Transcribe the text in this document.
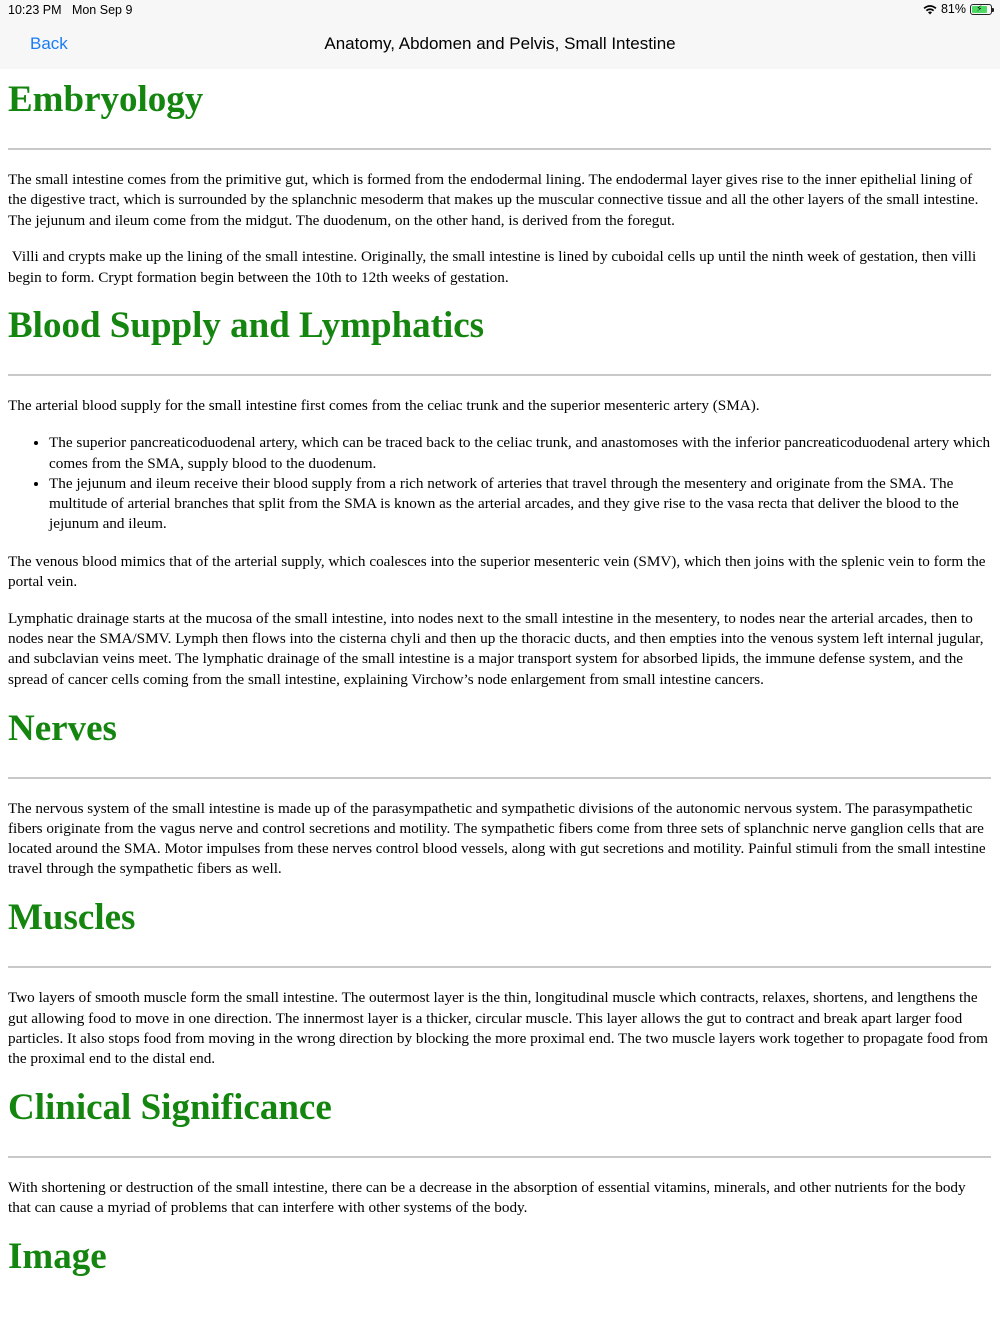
10:23 PM Mon Sep 9	81% ⚡
Back	Anatomy, Abdomen and Pelvis, Small Intestine
Embryology

The small intestine comes from the primitive gut, which is formed from the endodermal lining. The endodermal layer gives rise to the inner epithelial lining of the digestive tract, which is surrounded by the splanchnic mesoderm that makes up the muscular connective tissue and all the other layers of the small intestine. The jejunum and ileum come from the midgut. The duodenum, on the other hand, is derived from the foregut.

Villi and crypts make up the lining of the small intestine. Originally, the small intestine is lined by cuboidal cells up until the ninth week of gestation, then villi begin to form. Crypt formation begin between the 10th to 12th weeks of gestation.

Blood Supply and Lymphatics

The arterial blood supply for the small intestine first comes from the celiac trunk and the superior mesenteric artery (SMA).

• The superior pancreaticoduodenal artery, which can be traced back to the celiac trunk, and anastomoses with the inferior pancreaticoduodenal artery which comes from the SMA, supply blood to the duodenum.
• The jejunum and ileum receive their blood supply from a rich network of arteries that travel through the mesentery and originate from the SMA. The multitude of arterial branches that split from the SMA is known as the arterial arcades, and they give rise to the vasa recta that deliver the blood to the jejunum and ileum.

The venous blood mimics that of the arterial supply, which coalesces into the superior mesenteric vein (SMV), which then joins with the splenic vein to form the portal vein.

Lymphatic drainage starts at the mucosa of the small intestine, into nodes next to the small intestine in the mesentery, to nodes near the arterial arcades, then to nodes near the SMA/SMV. Lymph then flows into the cisterna chyli and then up the thoracic ducts, and then empties into the venous system left internal jugular, and subclavian veins meet. The lymphatic drainage of the small intestine is a major transport system for absorbed lipids, the immune defense system, and the spread of cancer cells coming from the small intestine, explaining Virchow’s node enlargement from small intestine cancers.

Nerves

The nervous system of the small intestine is made up of the parasympathetic and sympathetic divisions of the autonomic nervous system. The parasympathetic fibers originate from the vagus nerve and control secretions and motility. The sympathetic fibers come from three sets of splanchnic nerve ganglion cells that are located around the SMA. Motor impulses from these nerves control blood vessels, along with gut secretions and motility. Painful stimuli from the small intestine travel through the sympathetic fibers as well.

Muscles

Two layers of smooth muscle form the small intestine. The outermost layer is the thin, longitudinal muscle which contracts, relaxes, shortens, and lengthens the gut allowing food to move in one direction. The innermost layer is a thicker, circular muscle. This layer allows the gut to contract and break apart larger food particles. It also stops food from moving in the wrong direction by blocking the more proximal end. The two muscle layers work together to propagate food from the proximal end to the distal end.

Clinical Significance

With shortening or destruction of the small intestine, there can be a decrease in the absorption of essential vitamins, minerals, and other nutrients for the body that can cause a myriad of problems that can interfere with other systems of the body.

Image
